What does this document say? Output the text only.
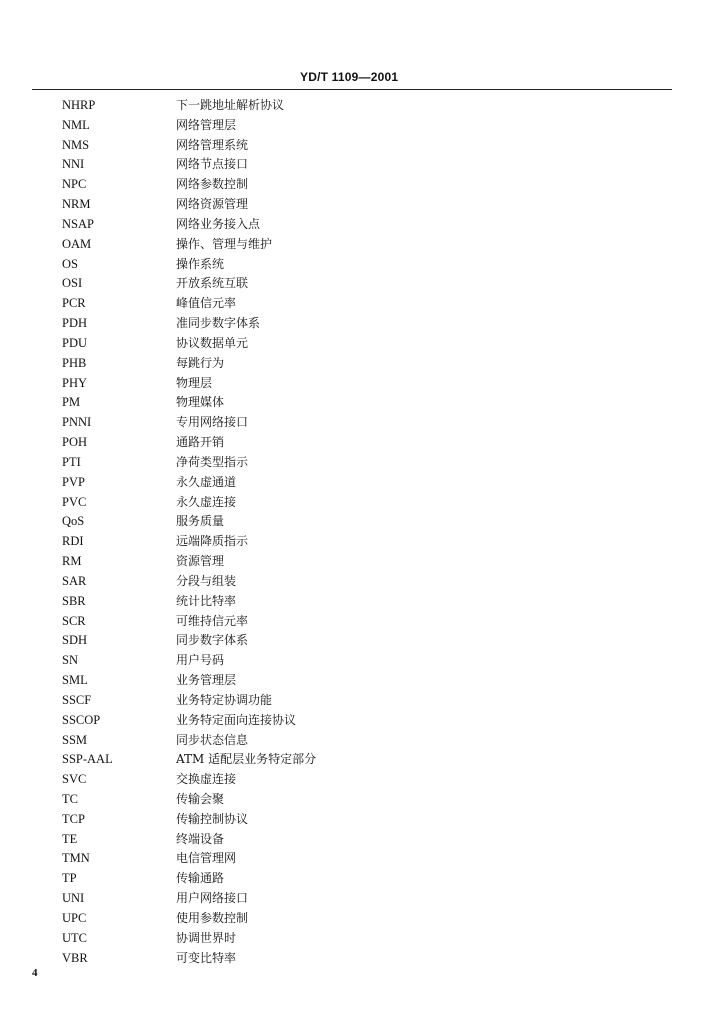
YD/T 1109—2001
NHRP	下一跳地址解析协议
NML	网络管理层
NMS	网络管理系统
NNI	网络节点接口
NPC	网络参数控制
NRM	网络资源管理
NSAP	网络业务接入点
OAM	操作、管理与维护
OS	操作系统
OSI	开放系统互联
PCR	峰值信元率
PDH	准同步数字体系
PDU	协议数据单元
PHB	每跳行为
PHY	物理层
PM	物理媒体
PNNI	专用网络接口
POH	通路开销
PTI	净荷类型指示
PVP	永久虚通道
PVC	永久虚连接
QoS	服务质量
RDI	远端降质指示
RM	资源管理
SAR	分段与组装
SBR	统计比特率
SCR	可维持信元率
SDH	同步数字体系
SN	用户号码
SML	业务管理层
SSCF	业务特定协调功能
SSCOP	业务特定面向连接协议
SSM	同步状态信息
SSP-AAL	ATM 适配层业务特定部分
SVC	交换虚连接
TC	传输会聚
TCP	传输控制协议
TE	终端设备
TMN	电信管理网
TP	传输通路
UNI	用户网络接口
UPC	使用参数控制
UTC	协调世界时
VBR	可变比特率
4
